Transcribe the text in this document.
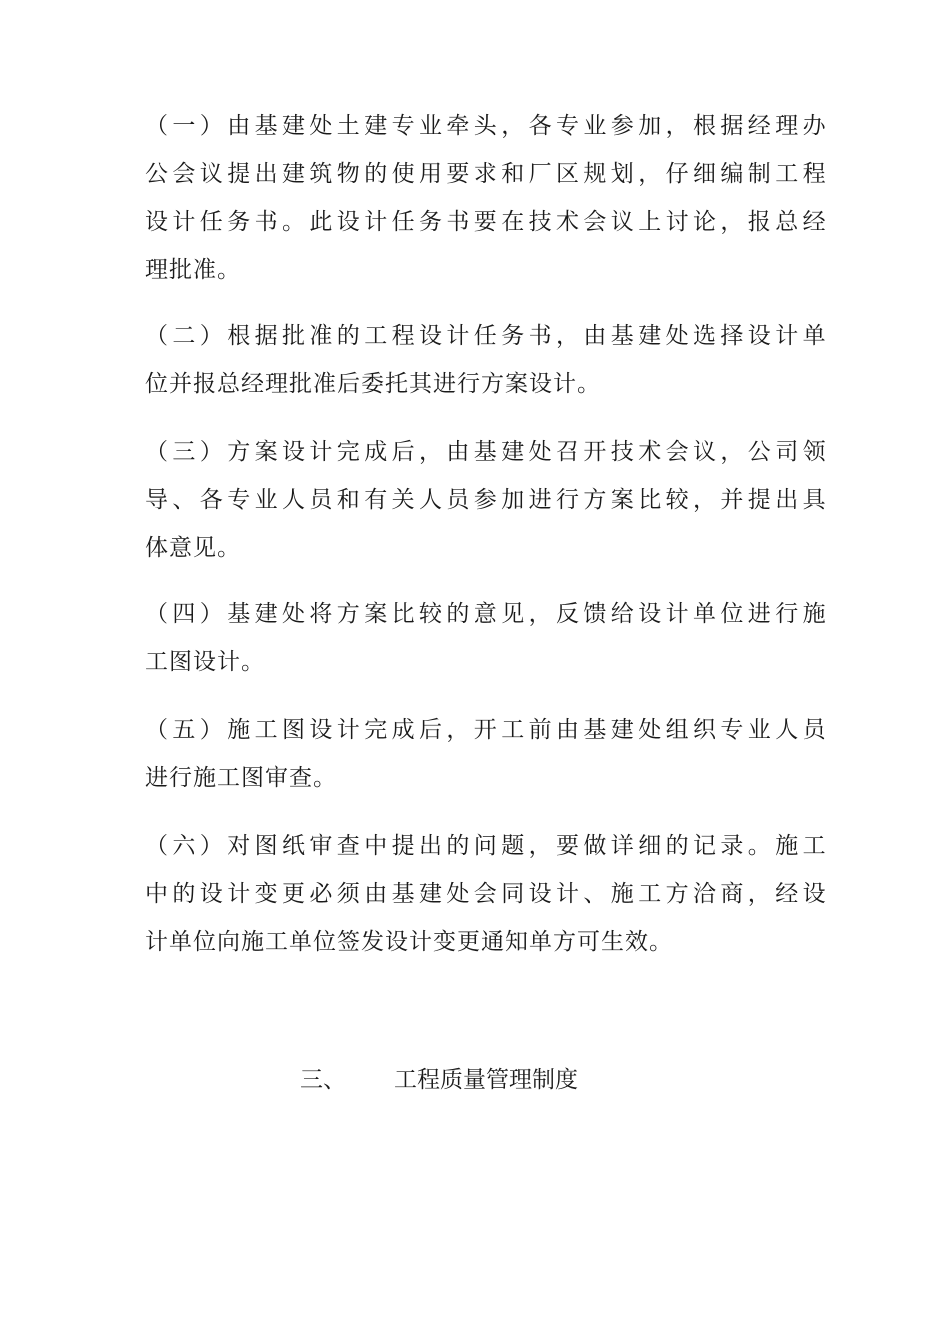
（一）由基建处土建专业牵头，各专业参加，根据经理办
公会议提出建筑物的使用要求和厂区规划，仔细编制工程
设计任务书。此设计任务书要在技术会议上讨论，报总经
理批准。
（二）根据批准的工程设计任务书，由基建处选择设计单
位并报总经理批准后委托其进行方案设计。
（三）方案设计完成后，由基建处召开技术会议，公司领
导、各专业人员和有关人员参加进行方案比较，并提出具
体意见。
（四）基建处将方案比较的意见，反馈给设计单位进行施
工图设计。
（五）施工图设计完成后，开工前由基建处组织专业人员
进行施工图审查。
（六）对图纸审查中提出的问题，要做详细的记录。施工
中的设计变更必须由基建处会同设计、施工方洽商，经设
计单位向施工单位签发设计变更通知单方可生效。
三、 工程质量管理制度
